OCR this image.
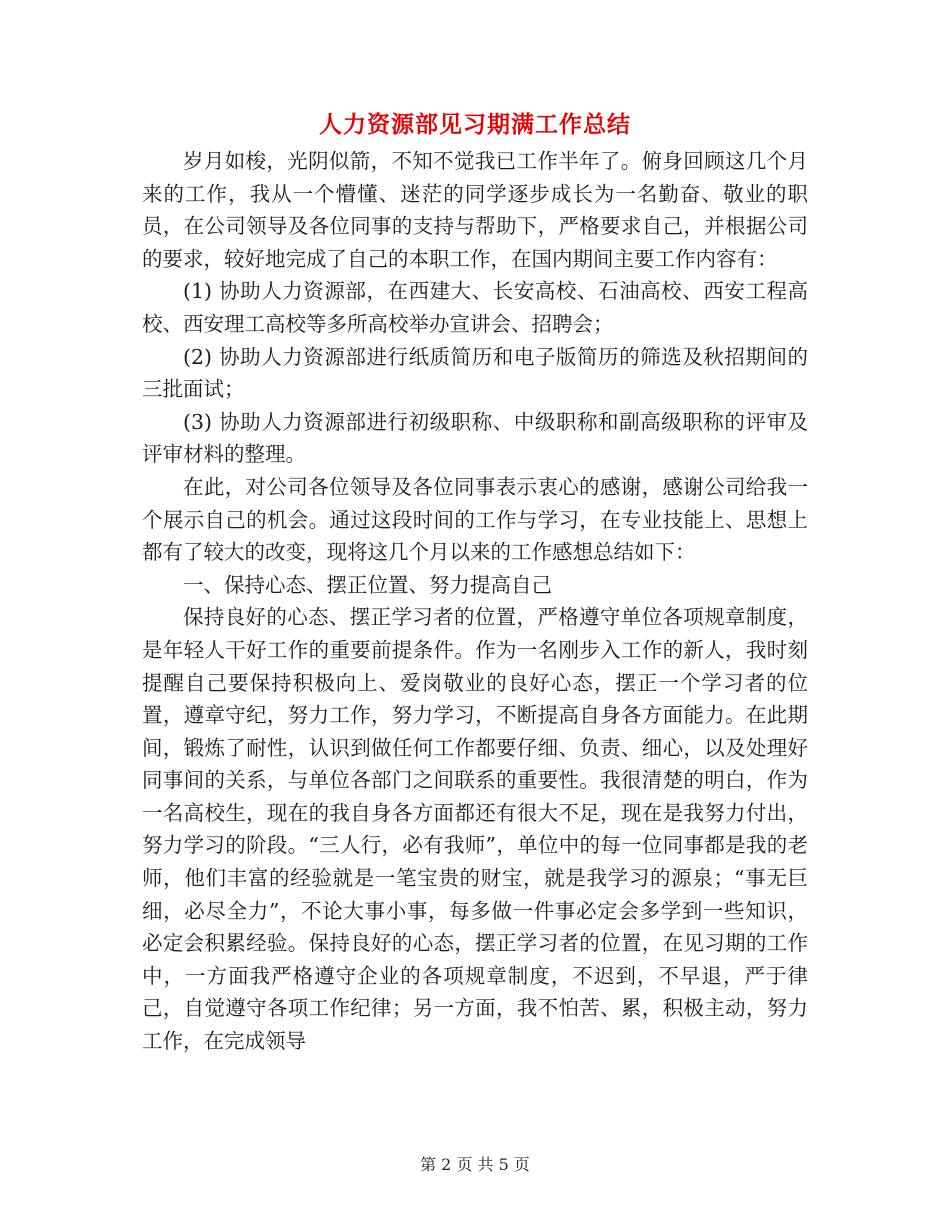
人力资源部见习期满工作总结

岁月如梭，光阴似箭，不知不觉我已工作半年了。俯身回顾这几个月来的工作，我从一个懵懂、迷茫的同学逐步成长为一名勤奋、敬业的职员，在公司领导及各位同事的支持与帮助下，严格要求自己，并根据公司的要求，较好地完成了自己的本职工作，在国内期间主要工作内容有：

(1) 协助人力资源部，在西建大、长安高校、石油高校、西安工程高校、西安理工高校等多所高校举办宣讲会、招聘会；

(2) 协助人力资源部进行纸质简历和电子版简历的筛选及秋招期间的三批面试；

(3) 协助人力资源部进行初级职称、中级职称和副高级职称的评审及评审材料的整理。

在此，对公司各位领导及各位同事表示衷心的感谢，感谢公司给我一个展示自己的机会。通过这段时间的工作与学习，在专业技能上、思想上都有了较大的改变，现将这几个月以来的工作感想总结如下：

一、保持心态、摆正位置、努力提高自己

保持良好的心态、摆正学习者的位置，严格遵守单位各项规章制度，是年轻人干好工作的重要前提条件。作为一名刚步入工作的新人，我时刻提醒自己要保持积极向上、爱岗敬业的良好心态，摆正一个学习者的位置，遵章守纪，努力工作，努力学习，不断提高自身各方面能力。在此期间，锻炼了耐性，认识到做任何工作都要仔细、负责、细心，以及处理好同事间的关系，与单位各部门之间联系的重要性。我很清楚的明白，作为一名高校生，现在的我自身各方面都还有很大不足，现在是我努力付出，努力学习的阶段。“三人行，必有我师”，单位中的每一位同事都是我的老师，他们丰富的经验就是一笔宝贵的财宝，就是我学习的源泉；“事无巨细，必尽全力”，不论大事小事，每多做一件事必定会多学到一些知识，必定会积累经验。保持良好的心态，摆正学习者的位置，在见习期的工作中，一方面我严格遵守企业的各项规章制度，不迟到，不早退，严于律己，自觉遵守各项工作纪律；另一方面，我不怕苦、累，积极主动，努力工作，在完成领导

第 2 页 共 5 页
